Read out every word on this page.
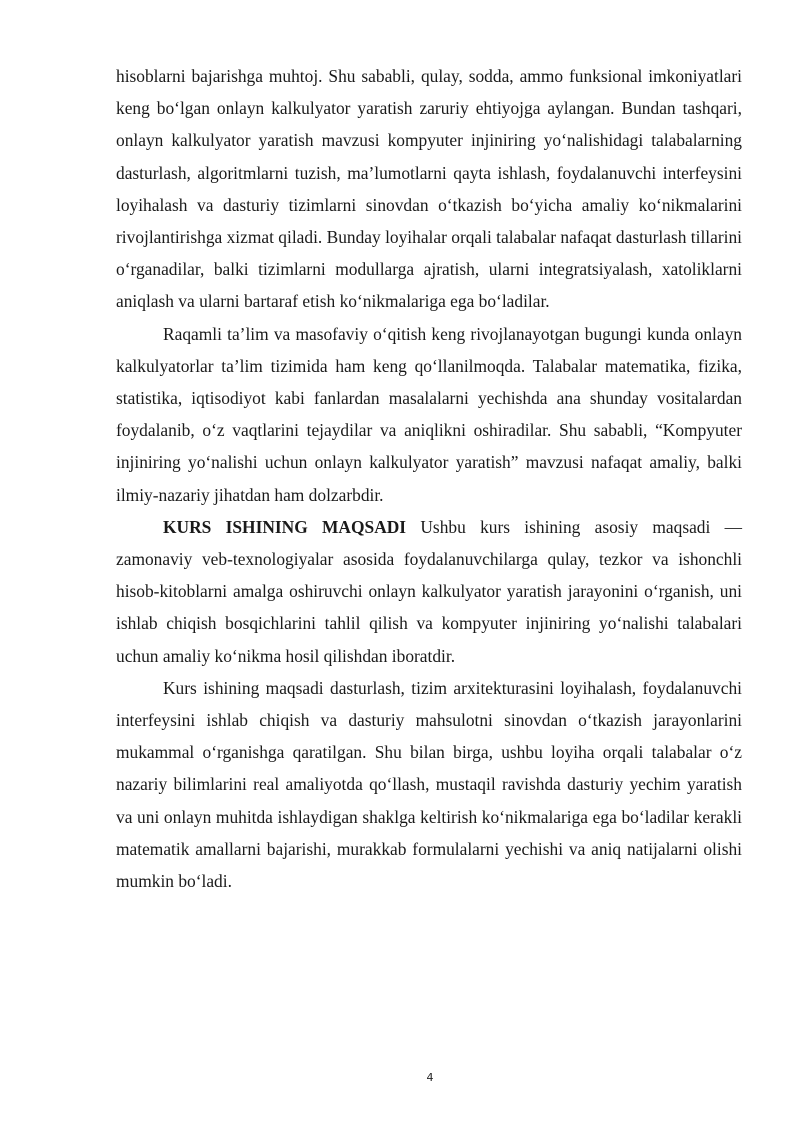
hisoblarni bajarishga muhtoj. Shu sababli, qulay, sodda, ammo funksional imkoniyatlari keng boʻlgan onlayn kalkulyator yaratish zaruriy ehtiyojga aylangan. Bundan tashqari, onlayn kalkulyator yaratish mavzusi kompyuter injiniring yoʻnalishidagi talabalarning dasturlash, algoritmlarni tuzish, maʼlumotlarni qayta ishlash, foydalanuvchi interfeysini loyihalash va dasturiy tizimlarni sinovdan oʻtkazish boʻyicha amaliy koʻnikmalarini rivojlantirishga xizmat qiladi. Bunday loyihalar orqali talabalar nafaqat dasturlash tillarini oʻrganadilar, balki tizimlarni modullarga ajratish, ularni integratsiyalash, xatoliklarni aniqlash va ularni bartaraf etish koʻnikmalariga ega boʻladilar.

Raqamli taʼlim va masofaviy oʻqitish keng rivojlanayotgan bugungi kunda onlayn kalkulyatorlar taʼlim tizimida ham keng qoʻllanilmoqda. Talabalar matematika, fizika, statistika, iqtisodiyot kabi fanlardan masalalarni yechishda ana shunday vositalardan foydalanib, oʻz vaqtlarini tejaydilar va aniqlikni oshiradilar. Shu sababli, “Kompyuter injiniring yoʻnalishi uchun onlayn kalkulyator yaratish” mavzusi nafaqat amaliy, balki ilmiy-nazariy jihatdan ham dolzarbdir.

KURS ISHINING MAQSADI Ushbu kurs ishining asosiy maqsadi — zamonaviy veb-texnologiyalar asosida foydalanuvchilarga qulay, tezkor va ishonchli hisob-kitoblarni amalga oshiruvchi onlayn kalkulyator yaratish jarayonini oʻrganish, uni ishlab chiqish bosqichlarini tahlil qilish va kompyuter injiniring yoʻnalishi talabalari uchun amaliy koʻnikma hosil qilishdan iboratdir.

Kurs ishining maqsadi dasturlash, tizim arxitekturasini loyihalash, foydalanuvchi interfeysini ishlab chiqish va dasturiy mahsulotni sinovdan oʻtkazish jarayonlarini mukammal oʻrganishga qaratilgan. Shu bilan birga, ushbu loyiha orqali talabalar oʻz nazariy bilimlarini real amaliyotda qoʻllash, mustaqil ravishda dasturiy yechim yaratish va uni onlayn muhitda ishlaydigan shaklga keltirish koʻnikmalariga ega boʻladilar kerakli matematik amallarni bajarishi, murakkab formulalarni yechishi va aniq natijalarni olishi mumkin boʻladi.

4
